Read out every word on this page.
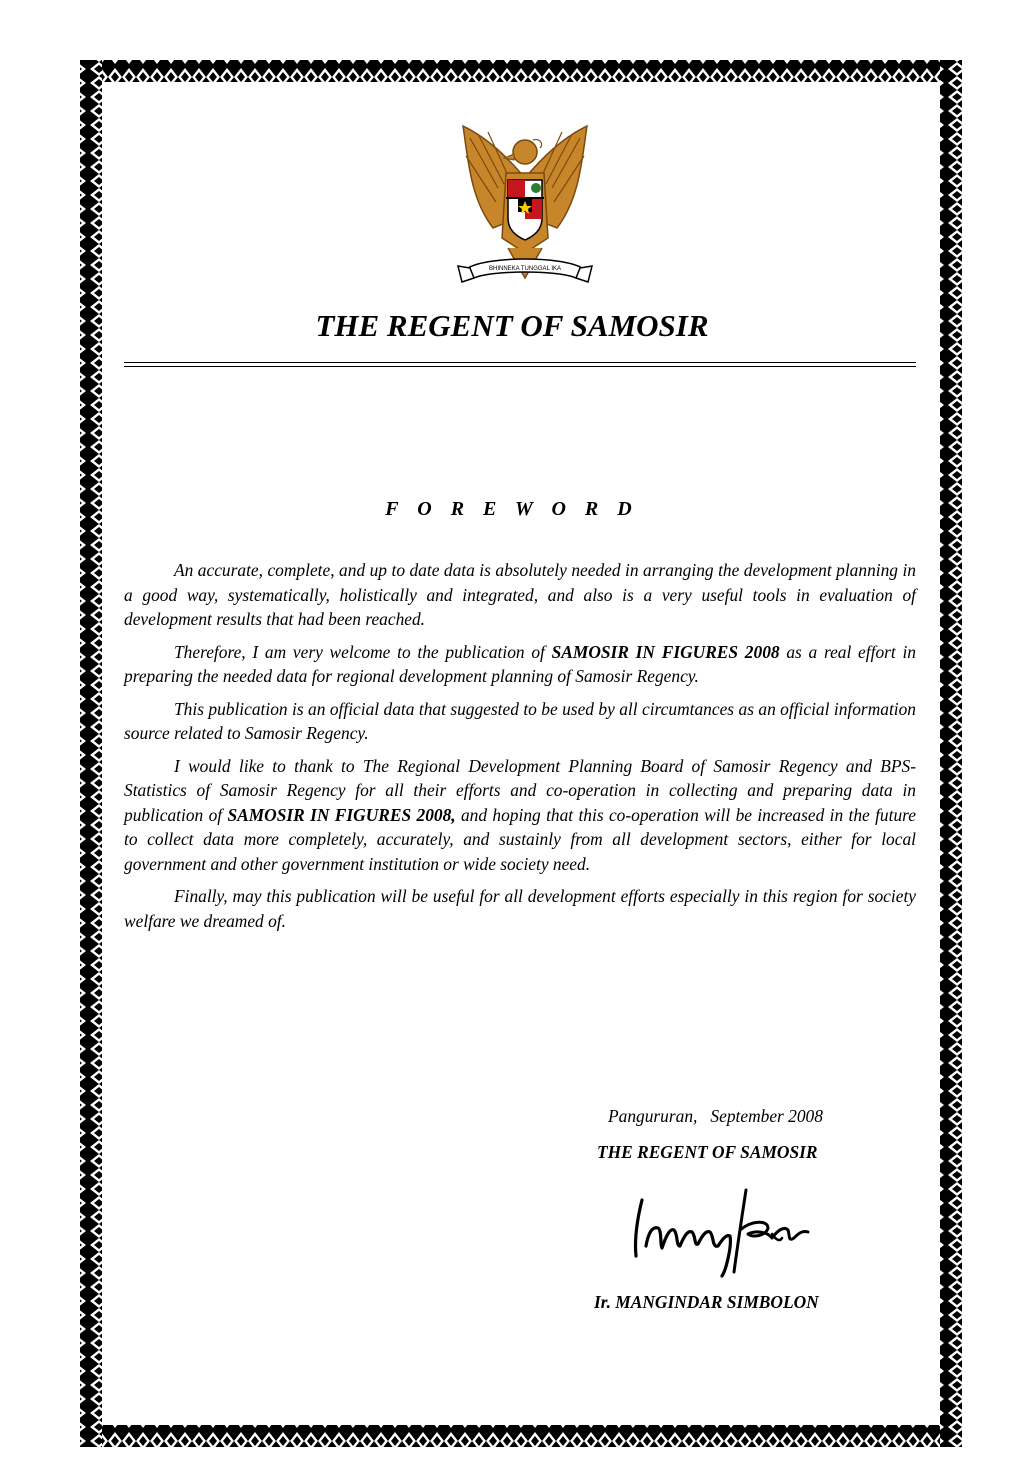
BHINNEKA TUNGGAL IKA
THE REGENT OF SAMOSIR
F O R E W O R D

An accurate, complete, and up to date data is absolutely needed in arranging the development planning in a good way, systematically, holistically and integrated, and also is a very useful tools in evaluation of development results that had been reached.

Therefore, I am very welcome to the publication of SAMOSIR IN FIGURES 2008 as a real effort in preparing the needed data for regional development planning of Samosir Regency.

This publication is an official data that suggested to be used by all circumtances as an official information source related to Samosir Regency.

I would like to thank to The Regional Development Planning Board of Samosir Regency and BPS-Statistics of Samosir Regency for all their efforts and co-operation in collecting and preparing data in publication of SAMOSIR IN FIGURES 2008, and hoping that this co-operation will be increased in the future to collect data more completely, accurately, and sustainly from all development sectors, either for local government and other government institution or wide society need.

Finally, may this publication will be useful for all development efforts especially in this region for society welfare we dreamed of.

Pangururan,   September 2008
THE REGENT OF SAMOSIR
Ir. MANGINDAR SIMBOLON
